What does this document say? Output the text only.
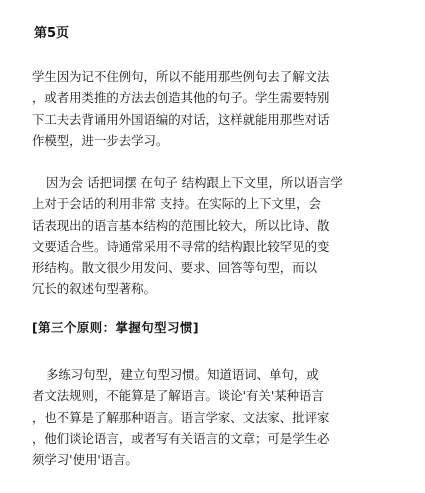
第5页

学生因为记不住例句，所以不能用那些例句去了解文法

，或者用类推的方法去创造其他的句子。学生需要特别

下工夫去背诵用外国语编的对话，这样就能用那些对话

作模型，进一步去学习。

因为会 话把词摆 在句子 结构跟上下文里，所以语言学

上对于会话的利用非常 支持。在实际的上下文里，会

话表现出的语言基本结构的范围比较大，所以比诗、散

文要适合些。诗通常采用不寻常的结构跟比较罕见的变

形结构。散文很少用发问、要求、回答等句型，而以

冗长的叙述句型著称。

[第三个原则：掌握句型习惯]

多练习句型，建立句型习惯。知道语词、单句，或

者文法规则，不能算是了解语言。谈论'有关'某种语言

，也不算是了解那种语言。语言学家、文法家、批评家

，他们谈论语言，或者写有关语言的文章；可是学生必

须学习'使用'语言。
